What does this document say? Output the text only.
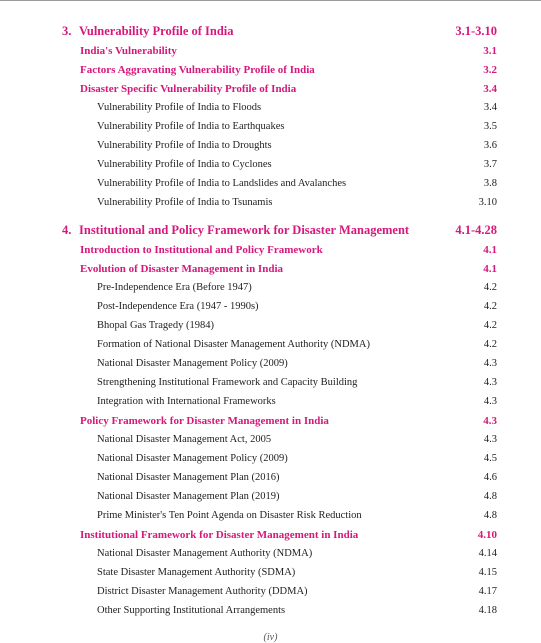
3. Vulnerability Profile of India	3.1-3.10
India's Vulnerability	3.1
Factors Aggravating Vulnerability Profile of India	3.2
Disaster Specific Vulnerability Profile of India	3.4
Vulnerability Profile of India to Floods	3.4
Vulnerability Profile of India to Earthquakes	3.5
Vulnerability Profile of India to Droughts	3.6
Vulnerability Profile of India to Cyclones	3.7
Vulnerability Profile of India to Landslides and Avalanches	3.8
Vulnerability Profile of India to Tsunamis	3.10
4. Institutional and Policy Framework for Disaster Management	4.1-4.28
Introduction to Institutional and Policy Framework	4.1
Evolution of Disaster Management in India	4.1
Pre-Independence Era (Before 1947)	4.2
Post-Independence Era (1947 - 1990s)	4.2
Bhopal Gas Tragedy (1984)	4.2
Formation of National Disaster Management Authority (NDMA)	4.2
National Disaster Management Policy (2009)	4.3
Strengthening Institutional Framework and Capacity Building	4.3
Integration with International Frameworks	4.3
Policy Framework for Disaster Management in India	4.3
National Disaster Management Act, 2005	4.3
National Disaster Management Policy (2009)	4.5
National Disaster Management Plan (2016)	4.6
National Disaster Management Plan (2019)	4.8
Prime Minister's Ten Point Agenda on Disaster Risk Reduction	4.8
Institutional Framework for Disaster Management in India	4.10
National Disaster Management Authority (NDMA)	4.14
State Disaster Management Authority (SDMA)	4.15
District Disaster Management Authority (DDMA)	4.17
Other Supporting Institutional Arrangements	4.18
(iv)
